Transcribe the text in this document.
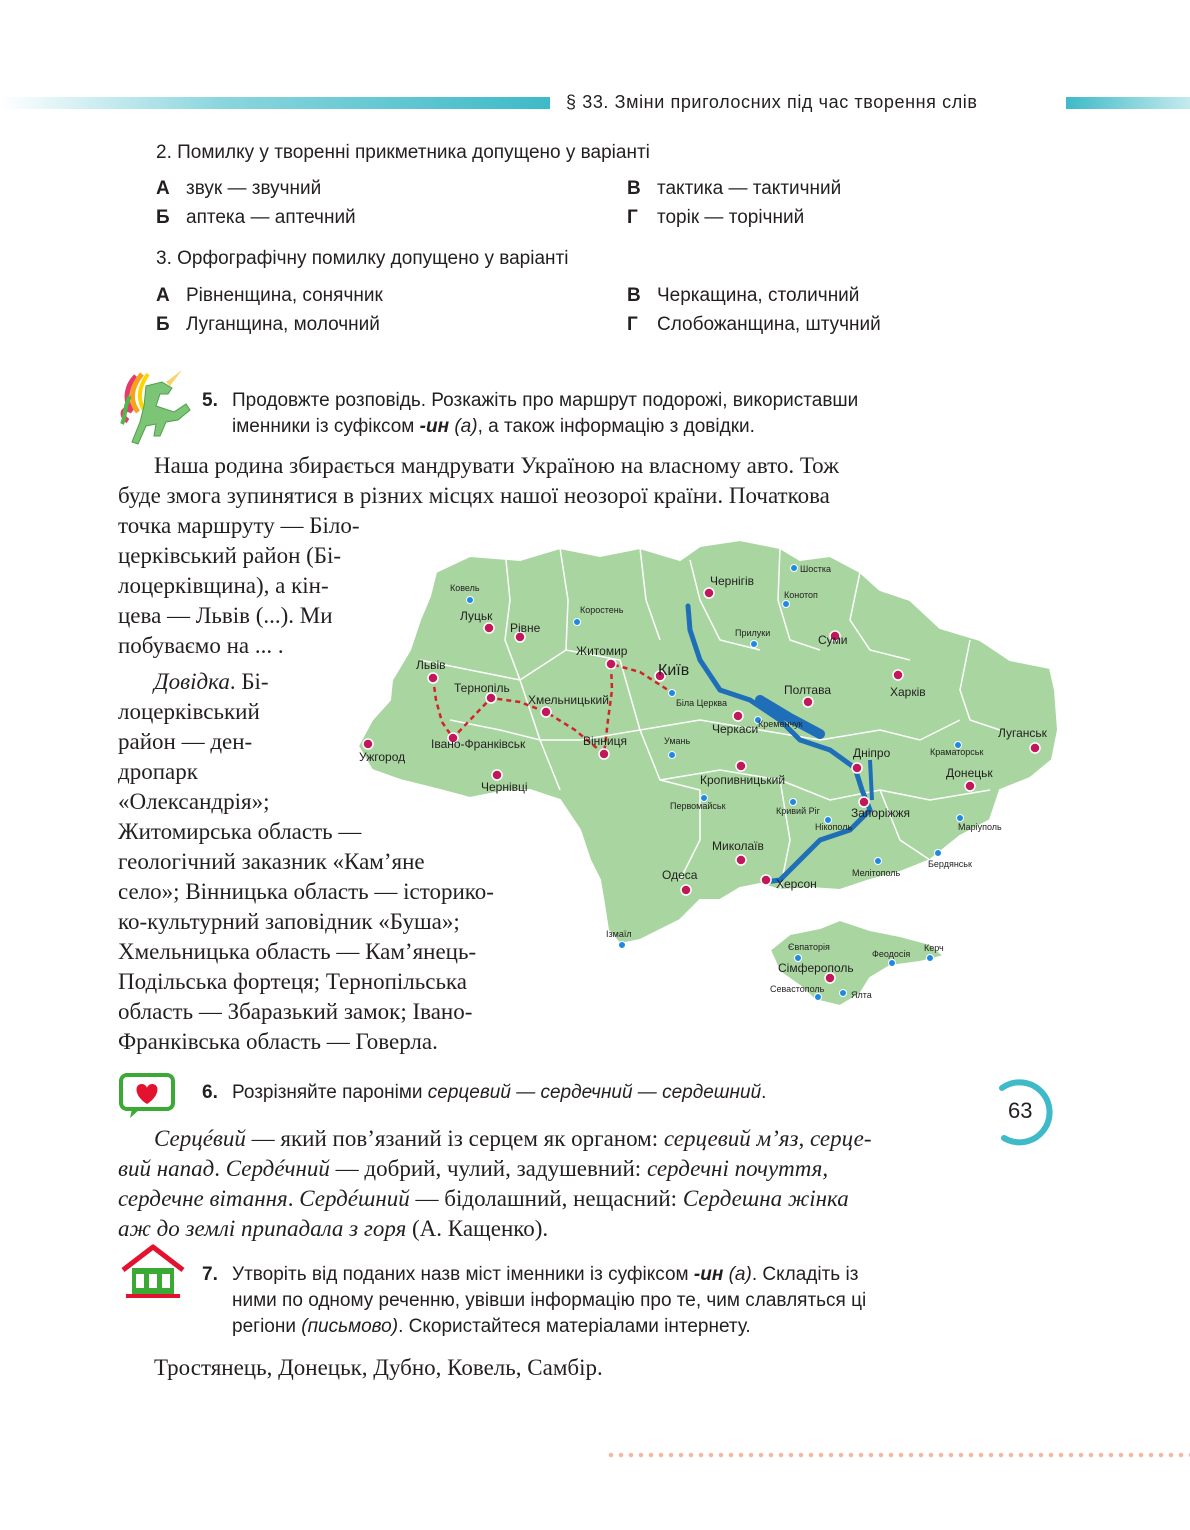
§ 33. Зміни приголосних під час творення слів
2. Помилку у творенні прикметника допущено у варіанті
А звук — звучний
Б аптека — аптечний
В тактика — тактичний
Г торік — торічний
3. Орфографічну помилку допущено у варіанті
А Рівненщина, сонячник
Б Луганщина, молочний
В Черкащина, столичний
Г Слобожанщина, штучний
5. Продовжте розповідь. Розкажіть про маршрут подорожі, використавши
іменники із суфіксом -ин (а), а також інформацію з довідки.
Наша родина збирається мандрувати Україною на власному авто. Тож
буде змога зупинятися в різних місцях нашої неозорої країни. Початкова
точка маршруту — Біло-
церківський район (Бі-
лоцерківщина), а кін-
цева — Львів (...). Ми
побуваємо на ... .
Довідка. Бі-
лоцерківський
район — ден-
дропарк
«Олександрія»;
Житомирська область —
геологічний заказник «Кам’яне
село»; Вінницька область — історико-
ко-культурний заповідник «Буша»;
Хмельницька область — Кам’янець-
Подільська фортеця; Тернопільська
область — Збаразький замок; Івано-
Франківська область — Говерла.
Чернігів
Суми
Харків
Луганськ
Полтава
Київ
Житомир
Рівне
Луцьк
Львів
Тернопіль
Хмельницький
Вінниця
Івано-Франківськ
Ужгород
Чернівці
Черкаси
Кропивницький
Дніпро
Донецьк
Запоріжжя
Миколаїв
Херсон
Одеса
Сімферополь
Шостка
Ковель
Конотоп
Коростень
Прилуки
Біла Церква
Кременчук
Умань
Краматорськ
Первомайськ	Кривий Ріг
Нікополь	Маріуполь
Мелітополь
Бердянськ
Ізмаїл
Євпаторія
Феодосія
Керч
Севастополь
Ялта
6. Розрізняйте пароніми серцевий — сердечний — сердешний.
Серцéвий — який пов’язаний із серцем як органом: серцевий м’яз, серце-
вий напад. Сердéчний — добрий, чулий, задушевний: сердечні почуття,
сердечне вітання. Сердéшний — бідолашний, нещасний: Сердешна жінка
аж до землі припадала з горя (А. Кащенко).
7. Утворіть від поданих назв міст іменники із суфіксом -ин (а). Складіть із
ними по одному реченню, увівши інформацію про те, чим славляться ці
регіони (письмово). Скористайтеся матеріалами інтернету.
Тростянець, Донецьк, Дубно, Ковель, Самбір.
63
